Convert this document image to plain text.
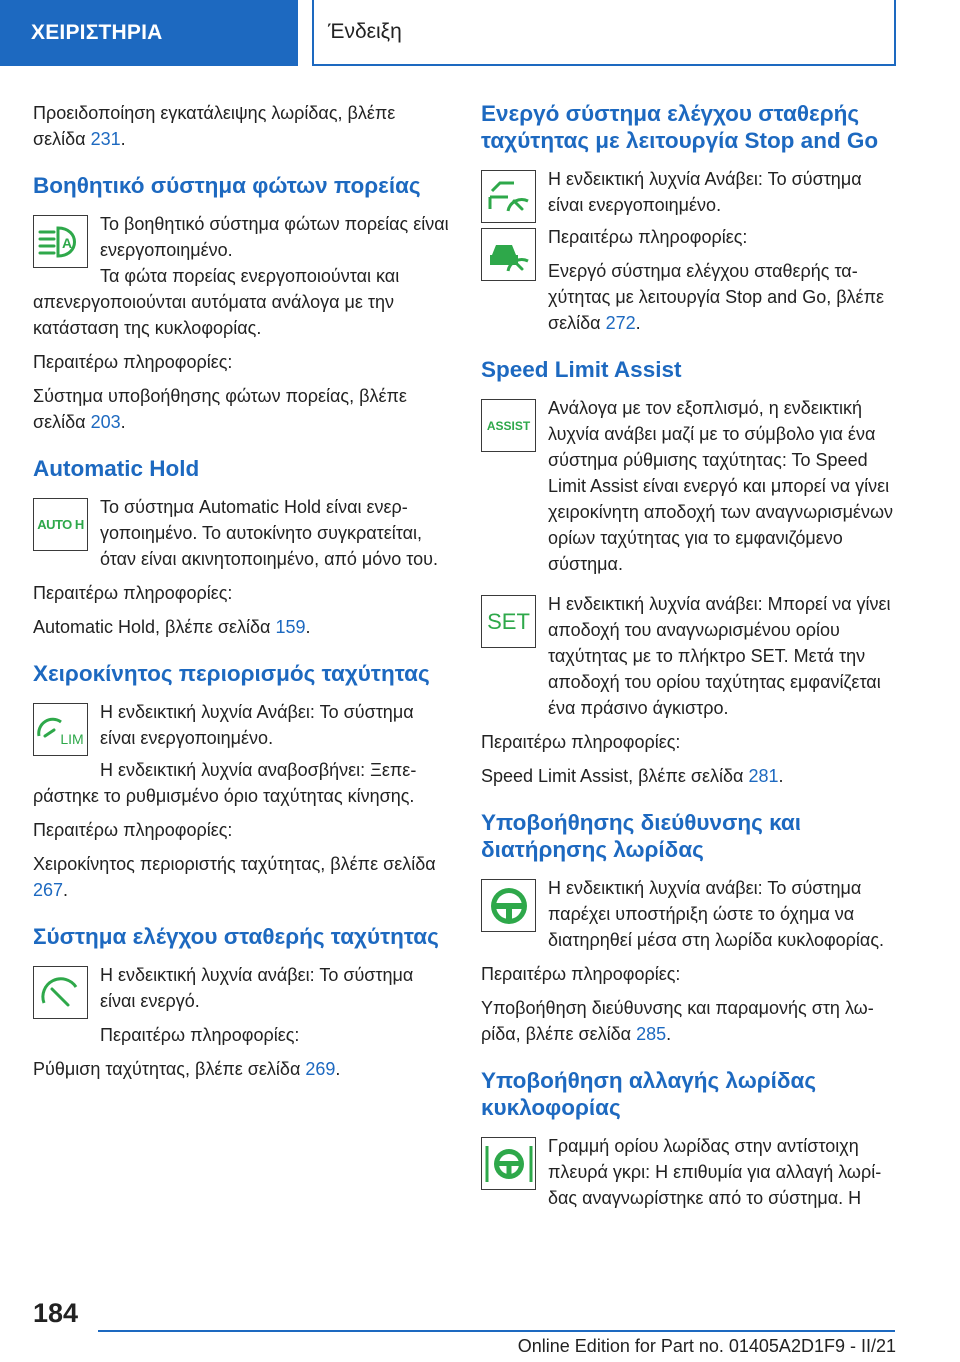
ΧΕΙΡΙΣΤΗΡΙΑ	Ένδειξη

Προειδοποίηση εγκατάλειψης λωρίδας, βλέπε σελίδα 231.

Βοηθητικό σύστημα φώτων πορείας
A

Το βοηθητικό σύστημα φώτων πορείας είναι ενεργοποιημένο.

Τα φώτα πορείας ενεργοποιούνται και απενεργοποιούνται αυτόματα ανάλογα με την κατάσταση της κυκλοφορίας.

Περαιτέρω πληροφορίες:

Σύστημα υποβοήθησης φώτων πορείας, βλέπε σελίδα 203.

Automatic Hold
AUTO H

Το σύστημα Automatic Hold είναι ενεργοποιημένο. Το αυτοκίνητο συγκρατείται, όταν είναι ακινητοποιημένο, από μόνο του.

Περαιτέρω πληροφορίες:

Automatic Hold, βλέπε σελίδα 159.

Χειροκίνητος περιορισμός ταχύτητας
LIM

Η ενδεικτική λυχνία Ανάβει: Το σύστημα είναι ενεργοποιημένο.

Η ενδεικτική λυχνία αναβοσβήνει: Ξεπεράστηκε το ρυθμισμένο όριο ταχύτητας κίνησης.

Περαιτέρω πληροφορίες:

Χειροκίνητος περιοριστής ταχύτητας, βλέπε σελίδα 267.

Σύστημα ελέγχου σταθερής ταχύτητας

Η ενδεικτική λυχνία ανάβει: Το σύστημα είναι ενεργό.

Περαιτέρω πληροφορίες:

Ρύθμιση ταχύτητας, βλέπε σελίδα 269.

Ενεργό σύστημα ελέγχου σταθερής ταχύτητας με λειτουργία Stop and Go

Η ενδεικτική λυχνία Ανάβει: Το σύστημα είναι ενεργοποιημένο.

Περαιτέρω πληροφορίες:

Ενεργό σύστημα ελέγχου σταθερής ταχύτητας με λειτουργία Stop and Go, βλέπε σελίδα 272.

Speed Limit Assist
ASSIST

Ανάλογα με τον εξοπλισμό, η ενδεικτική λυχνία ανάβει μαζί με το σύμβολο για ένα σύστημα ρύθμισης ταχύτητας: Το Speed Limit Assist είναι ενεργό και μπορεί να γίνει χειροκίνητη αποδοχή των αναγνωρισμένων ορίων ταχύτητας για το εμφανιζόμενο σύστημα.

SET

Η ενδεικτική λυχνία ανάβει: Μπορεί να γίνει αποδοχή του αναγνωρισμένου ορίου ταχύτητας με το πλήκτρο SET. Μετά την αποδοχή του ορίου ταχύτητας εμφανίζεται ένα πράσινο άγκιστρο.

Περαιτέρω πληροφορίες:

Speed Limit Assist, βλέπε σελίδα 281.

Υποβοήθησης διεύθυνσης και διατήρησης λωρίδας

Η ενδεικτική λυχνία ανάβει: Το σύστημα παρέχει υποστήριξη ώστε το όχημα να διατηρηθεί μέσα στη λωρίδα κυκλοφορίας.

Περαιτέρω πληροφορίες:

Υποβοήθηση διεύθυνσης και παραμονής στη λωρίδα, βλέπε σελίδα 285.

Υποβοήθηση αλλαγής λωρίδας κυκλοφορίας

Γραμμή ορίου λωρίδας στην αντίστοιχη πλευρά γκρι: Η επιθυμία για αλλαγή λωρίδας αναγνωρίστηκε από το σύστημα. Η

184
Online Edition for Part no. 01405A2D1F9 - II/21
